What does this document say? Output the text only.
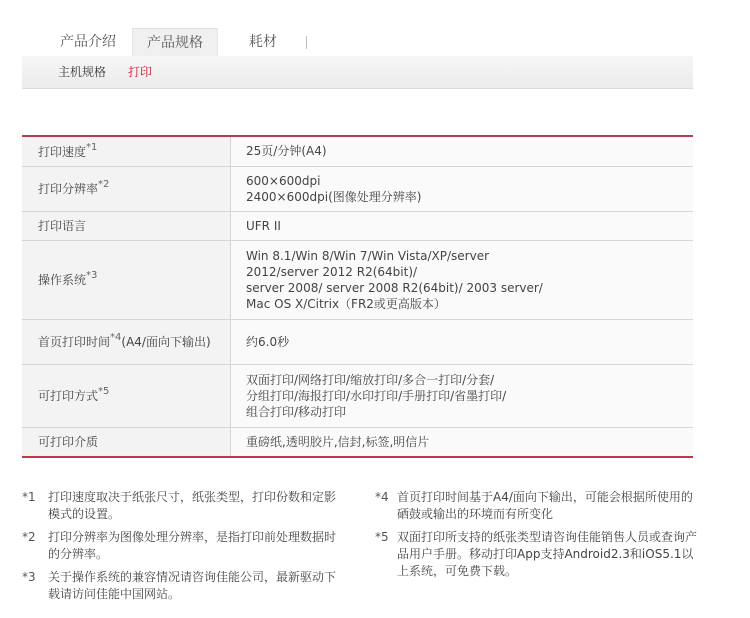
产品介绍	产品规格	耗材
主机规格 打印
打印速度$^{*1}$	25页/分钟(A4)
打印分辨率$^{*2}$	600×600dpi
2400×600dpi(图像处理分辨率)

打印语言	UFR II
操作系统$^{*3}$	Win 8.1/Win 8/Win 7/Win Vista/XP/server
2012/server 2012 R2(64bit)/
server 2008/ server 2008 R2(64bit)/ 2003 server/
Mac OS X/Citrix（FR2或更高版本）

首页打印时间$^{*4}$(A4/面向下输出)	约6.0秒
可打印方式$^{*5}$	双面打印/网络打印/缩放打印/多合一打印/分套/
分组打印/海报打印/水印打印/手册打印/省墨打印/
组合打印/移动打印

可打印介质	重磅纸,透明胶片,信封,标签,明信片
*1 打印速度取决于纸张尺寸，纸张类型，打印份数和定影模式的设置。
*2 打印分辨率为图像处理分辨率，是指打印前处理数据时的分辨率。
*3 关于操作系统的兼容情况请咨询佳能公司，最新驱动下载请访问佳能中国网站。
*4 首页打印时间基于A4/面向下输出，可能会根据所使用的硒鼓或输出的环境而有所变化
*5 双面打印所支持的纸张类型请咨询佳能销售人员或查询产品用户手册。移动打印App支持Android2.3和iOS5.1以上系统，可免费下载。
